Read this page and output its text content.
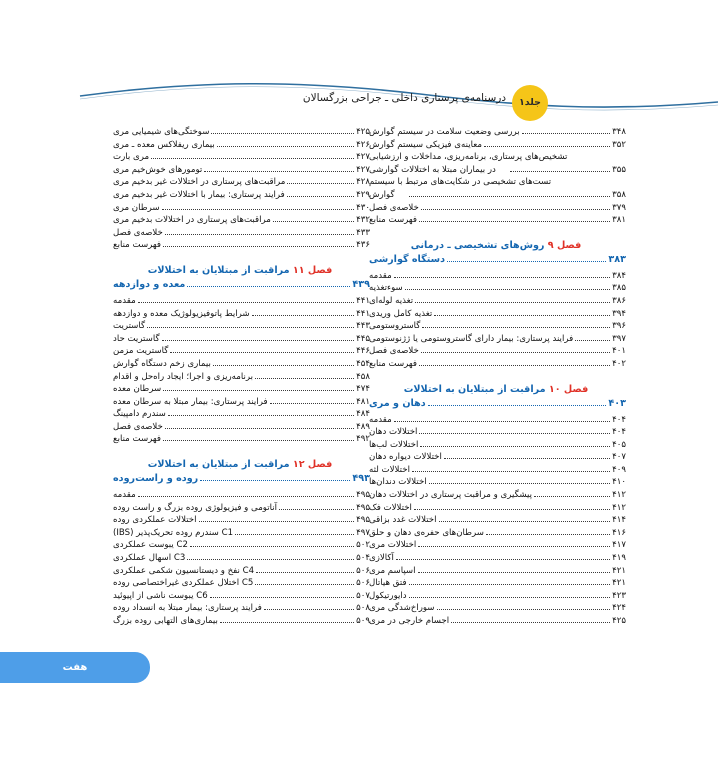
جلد۱
درسنامه‌ی پرستاری داخلی ـ جراحی بزرگسالان
بررسی وضعیت سلامت در سیستم گوارش	۳۴۸
معاینه‌ی فیزیکی سیستم گوارش	۳۵۲
تشخیص‌های پرستاری، برنامه‌ریزی، مداخلات و ارزشیابی
در بیماران مبتلا به اختلالات گوارشی	۳۵۵
تست‌های تشخیصی در شکایت‌های مرتبط با سیستم
گوارش	۳۵۸
خلاصه‌ی فصل	۳۷۹
فهرست منابع	۳۸۱
فصل ۹ روش‌های تشخیصی ـ درمانی
دستگاه گوارشی	۳۸۳
مقدمه	۳۸۴
سوءتغذیه	۳۸۵
تغذیه لوله‌ای	۳۸۶
تغذیه کامل وریدی	۳۹۴
گاستروستومی	۳۹۶
فرایند پرستاری: بیمار دارای گاستروستومی یا ژژنوستومی	۳۹۷
خلاصه‌ی فصل	۴۰۱
فهرست منابع	۴۰۲
فصل ۱۰ مراقبت از مبتلایان به اختلالات
دهان و مری	۴۰۳
مقدمه	۴۰۴
اختلالات دهان	۴۰۴
اختلالات لب‌ها	۴۰۵
اختلالات دیواره دهان	۴۰۷
اختلالات لثه	۴۰۹
اختلالات دندان‌ها	۴۱۰
پیشگیری و مراقبت پرستاری در اختلالات دهان	۴۱۲
اختلالات فک	۴۱۲
اختلالات غدد بزاقی	۴۱۴
سرطان‌های حفره‌ی دهان و حلق	۴۱۶
اختلالات مری	۴۱۷
آکالازی	۴۱۹
اسپاسم مری	۴۲۱
فتق هیاتال	۴۲۱
دایورتیکول	۴۲۳
سوراخ‌شدگی مری	۴۲۴
اجسام خارجی در مری	۴۲۵
سوختگی‌های شیمیایی مری	۴۲۵
بیماری ریفلاکس معده ـ مری	۴۲۶
مری بارت	۴۲۷
تومورهای خوش‌خیم مری	۴۲۷
مراقبت‌های پرستاری در اختلالات غیر بدخیم مری	۴۲۸
فرایند پرستاری: بیمار با اختلالات غیر بدخیم مری	۴۲۹
سرطان مری	۴۳۰
مراقبت‌های پرستاری در اختلالات بدخیم مری	۴۳۲
خلاصه‌ی فصل	۴۳۳
فهرست منابع	۴۳۶
فصل ۱۱ مراقبت از مبتلایان به اختلالات
معده و دوازدهه	۴۳۹
مقدمه	۴۴۱
شرایط پاتوفیزیولوژیک معده و دوازدهه	۴۴۱
گاستریت	۴۴۳
گاستریت حاد	۴۴۵
گاستریت مزمن	۴۴۶
بیماری زخم دستگاه گوارش	۴۵۴
برنامه‌ریزی و اجرا؛ ایجاد راه‌حل و اقدام	۴۵۸
سرطان معده	۴۷۴
فرایند پرستاری: بیمار مبتلا به سرطان معده	۴۸۱
سندرم دامپینگ	۴۸۴
خلاصه‌ی فصل	۴۸۹
فهرست منابع	۴۹۲
فصل ۱۲ مراقبت از مبتلایان به اختلالات
روده و راست‌روده	۴۹۳
مقدمه	۴۹۵
آناتومی و فیزیولوژی روده بزرگ و راست روده	۴۹۵
اختلالات عملکردی روده	۴۹۵
C1 سندرم روده تحریک‌پذیر (IBS)	۴۹۷
C2 یبوست عملکردی	۵۰۲
C3 اسهال عملکردی	۵۰۴
C4 نفخ و دیستانسیون شکمی عملکردی	۵۰۶
C5 اختلال عملکردی غیراختصاصی روده	۵۰۶
C6 یبوست ناشی از اپیوئید	۵۰۷
فرایند پرستاری: بیمار مبتلا به انسداد روده	۵۰۸
بیماری‌های التهابی روده بزرگ	۵۰۹
هفت
